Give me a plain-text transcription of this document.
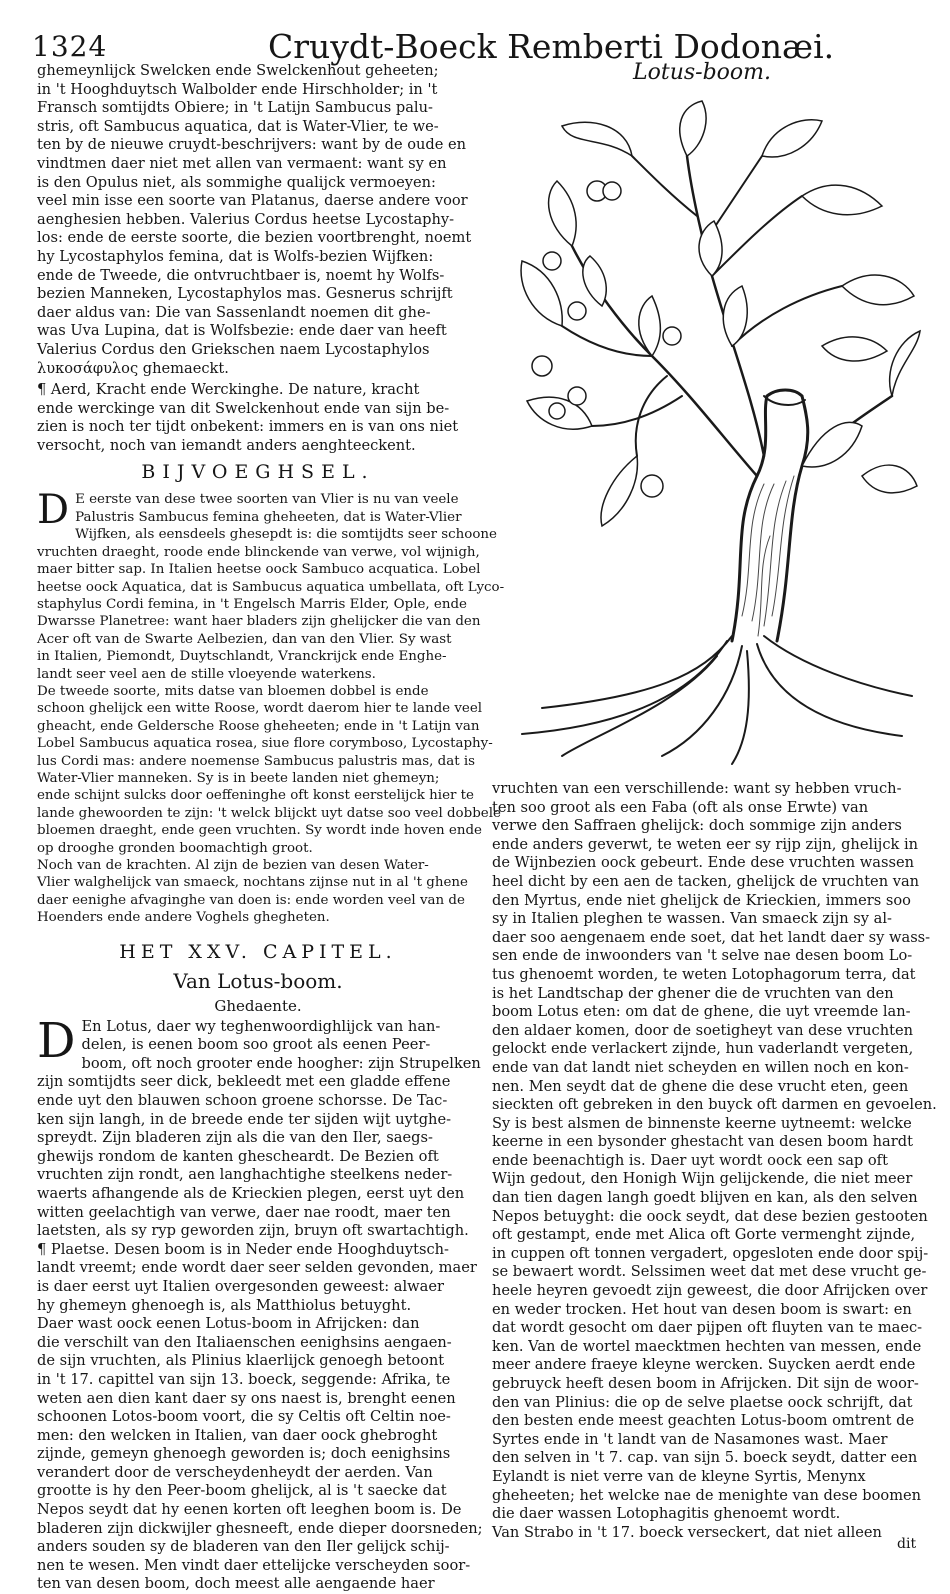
1324	Cruydt-Boeck Remberti Dodonæi.
ghemeynlijck Swelcken ende Swelckenhout geheeten;
in 't Hooghduytsch Walbolder ende Hirschholder; in 't
Fransch somtijdts Obiere; in 't Latijn Sambucus palu-
stris, oft Sambucus aquatica, dat is Water-Vlier, te we-
ten by de nieuwe cruydt-beschrijvers: want by de oude en
vindtmen daer niet met allen van vermaent: want sy en
is den Opulus niet, als sommighe qualijck vermoeyen:
veel min isse een soorte van Platanus, daerse andere voor
aenghesien hebben. Valerius Cordus heetse Lycostaphy-
los: ende de eerste soorte, die bezien voortbrenght, noemt
hy Lycostaphylos femina, dat is Wolfs-bezien Wijfken:
ende de Tweede, die ontvruchtbaer is, noemt hy Wolfs-
bezien Manneken, Lycostaphylos mas. Gesnerus schrijft
daer aldus van: Die van Sassenlandt noemen dit ghe-
was Uva Lupina, dat is Wolfsbezie: ende daer van heeft
Valerius Cordus den Griekschen naem Lycostaphylos
λυκοσάφυλος ghemaeckt.
¶ Aerd, Kracht ende Werckinghe. De nature, kracht
ende werckinge van dit Swelckenhout ende van sijn be-
zien is noch ter tijdt onbekent: immers en is van ons niet
versocht, noch van iemandt anders aenghteeckent.
BIJVOEGHSEL.
D E eerste van dese twee soorten van Vlier is nu van veele
Palustris Sambucus femina gheheeten, dat is Water-Vlier
Wijfken, als eensdeels ghesepdt is: die somtijdts seer schoone
vruchten draeght, roode ende blinckende van verwe, vol wijnigh,
maer bitter sap. In Italien heetse oock Sambuco acquatica. Lobel
heetse oock Aquatica, dat is Sambucus aquatica umbellata, oft Lyco-
staphylus Cordi femina, in 't Engelsch Marris Elder, Ople, ende
Dwarsse Planetree: want haer bladers zijn ghelijcker die van den
Acer oft van de Swarte Aelbezien, dan van den Vlier. Sy wast
in Italien, Piemondt, Duytschlandt, Vranckrijck ende Enghe-
landt seer veel aen de stille vloeyende waterkens.
De tweede soorte, mits datse van bloemen dobbel is ende
schoon ghelijck een witte Roose, wordt daerom hier te lande veel
gheacht, ende Geldersche Roose gheheeten; ende in 't Latijn van
Lobel Sambucus aquatica rosea, siue flore corymboso, Lycostaphy-
lus Cordi mas: andere noemense Sambucus palustris mas, dat is
Water-Vlier manneken. Sy is in beete landen niet ghemeyn;
ende schijnt sulcks door oeffeninghe oft konst eerstelijck hier te
lande ghewoorden te zijn: 't welck blijckt uyt datse soo veel dobbele
bloemen draeght, ende geen vruchten. Sy wordt inde hoven ende
op drooghe gronden boomachtigh groot.
Noch van de krachten. Al zijn de bezien van desen Water-
Vlier walghelijck van smaeck, nochtans zijnse nut in al 't ghene
daer eenighe afvaginghe van doen is: ende worden veel van de
Hoenders ende andere Voghels ghegheten.
HET XXV. CAPITEL.
Van Lotus-boom.
Ghedaente.
D En Lotus, daer wy teghenwoordighlijck van han-
delen, is eenen boom soo groot als eenen Peer-
boom, oft noch grooter ende hoogher: zijn Strupelken
zijn somtijdts seer dick, bekleedt met een gladde effene
ende uyt den blauwen schoon groene schorsse. De Tac-
ken sijn langh, in de breede ende ter sijden wijt uytghe-
spreydt. Zijn bladeren zijn als die van den Iler, saegs-
ghewijs rondom de kanten ghescheardt. De Bezien oft
vruchten zijn rondt, aen langhachtighe steelkens neder-
waerts afhangende als de Krieckien plegen, eerst uyt den
witten geelachtigh van verwe, daer nae roodt, maer ten
laetsten, als sy ryp geworden zijn, bruyn oft swartachtigh.
¶ Plaetse. Desen boom is in Neder ende Hooghduytsch-
landt vreemt; ende wordt daer seer selden gevonden, maer
is daer eerst uyt Italien overgesonden geweest: alwaer
hy ghemeyn ghenoegh is, als Matthiolus betuyght.
Daer wast oock eenen Lotus-boom in Afrijcken: dan
die verschilt van den Italiaenschen eenighsins aengaen-
de sijn vruchten, als Plinius klaerlijck genoegh betoont
in 't 17. capittel van sijn 13. boeck, seggende: Afrika, te
weten aen dien kant daer sy ons naest is, brenght eenen
schoonen Lotos-boom voort, die sy Celtis oft Celtin noe-
men: den welcken in Italien, van daer oock ghebroght
zijnde, gemeyn ghenoegh geworden is; doch eenighsins
verandert door de verscheydenheydt der aerden. Van
grootte is hy den Peer-boom ghelijck, al is 't saecke dat
Nepos seydt dat hy eenen korten oft leeghen boom is. De
bladeren zijn dickwijler ghesneeft, ende dieper doorsneden;
anders souden sy de bladeren van den Iler gelijck schij-
nen te wesen. Men vindt daer ettelijcke verscheyden soor-
ten van desen boom, doch meest alle aengaende haer
Lotus-boom.
vruchten van een verschillende: want sy hebben vruch-
ten soo groot als een Faba (oft als onse Erwte) van
verwe den Saffraen ghelijck: doch sommige zijn anders
ende anders geverwt, te weten eer sy rijp zijn, ghelijck in
de Wijnbezien oock gebeurt. Ende dese vruchten wassen
heel dicht by een aen de tacken, ghelijck de vruchten van
den Myrtus, ende niet ghelijck de Krieckien, immers soo
sy in Italien pleghen te wassen. Van smaeck zijn sy al-
daer soo aengenaem ende soet, dat het landt daer sy wass-
sen ende de inwoonders van 't selve nae desen boom Lo-
tus ghenoemt worden, te weten Lotophagorum terra, dat
is het Landtschap der ghener die de vruchten van den
boom Lotus eten: om dat de ghene, die uyt vreemde lan-
den aldaer komen, door de soetigheyt van dese vruchten
gelockt ende verlackert zijnde, hun vaderlandt vergeten,
ende van dat landt niet scheyden en willen noch en kon-
nen. Men seydt dat de ghene die dese vrucht eten, geen
sieckten oft gebreken in den buyck oft darmen en gevoelen.
Sy is best alsmen de binnenste keerne uytneemt: welcke
keerne in een bysonder ghestacht van desen boom hardt
ende beenachtigh is. Daer uyt wordt oock een sap oft
Wijn gedout, den Honigh Wijn gelijckende, die niet meer
dan tien dagen langh goedt blijven en kan, als den selven
Nepos betuyght: die oock seydt, dat dese bezien gestooten
oft gestampt, ende met Alica oft Gorte vermenght zijnde,
in cuppen oft tonnen vergadert, opgesloten ende door spij-
se bewaert wordt. Selssimen weet dat met dese vrucht ge-
heele heyren gevoedt zijn geweest, die door Afrijcken over
en weder trocken. Het hout van desen boom is swart: en
dat wordt gesocht om daer pijpen oft fluyten van te maec-
ken. Van de wortel maecktmen hechten van messen, ende
meer andere fraeye kleyne wercken. Suycken aerdt ende
gebruyck heeft desen boom in Afrijcken. Dit sijn de woor-
den van Plinius: die op de selve plaetse oock schrijft, dat
den besten ende meest geachten Lotus-boom omtrent de
Syrtes ende in 't landt van de Nasamones wast. Maer
den selven in 't 7. cap. van sijn 5. boeck seydt, datter een
Eylandt is niet verre van de kleyne Syrtis, Menynx
gheheeten; het welcke nae de menighte van dese boomen
die daer wassen Lotophagitis ghenoemt wordt.
Van Strabo in 't 17. boeck verseckert, dat niet alleen
dit
